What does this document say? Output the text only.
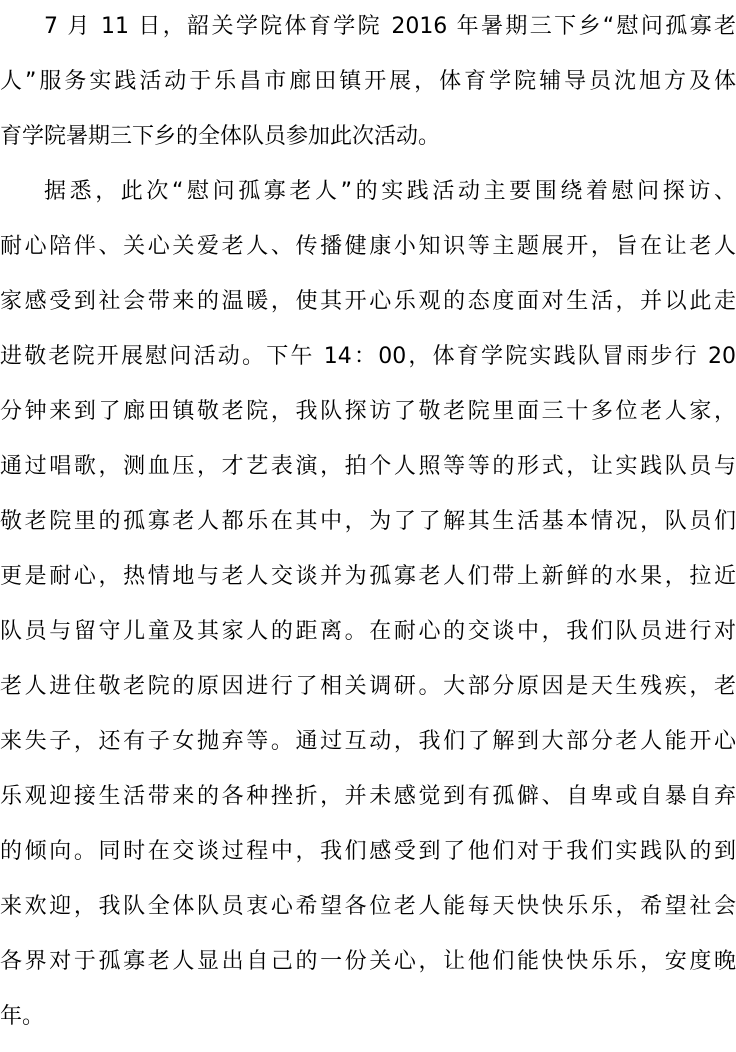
7 月 11 日，韶关学院体育学院 2016 年暑期三下乡“慰问孤寡老
人”服务实践活动于乐昌市廊田镇开展，体育学院辅导员沈旭方及体
育学院暑期三下乡的全体队员参加此次活动。
据悉，此次“慰问孤寡老人”的实践活动主要围绕着慰问探访、
耐心陪伴、关心关爱老人、传播健康小知识等主题展开，旨在让老人
家感受到社会带来的温暖，使其开心乐观的态度面对生活，并以此走
进敬老院开展慰问活动。下午 14：00，体育学院实践队冒雨步行 20
分钟来到了廊田镇敬老院，我队探访了敬老院里面三十多位老人家，
通过唱歌，测血压，才艺表演，拍个人照等等的形式，让实践队员与
敬老院里的孤寡老人都乐在其中，为了了解其生活基本情况，队员们
更是耐心，热情地与老人交谈并为孤寡老人们带上新鲜的水果，拉近
队员与留守儿童及其家人的距离。在耐心的交谈中，我们队员进行对
老人进住敬老院的原因进行了相关调研。大部分原因是天生残疾，老
来失子，还有子女抛弃等。通过互动，我们了解到大部分老人能开心
乐观迎接生活带来的各种挫折，并未感觉到有孤僻、自卑或自暴自弃
的倾向。同时在交谈过程中，我们感受到了他们对于我们实践队的到
来欢迎，我队全体队员衷心希望各位老人能每天快快乐乐，希望社会
各界对于孤寡老人显出自己的一份关心，让他们能快快乐乐，安度晚
年。
